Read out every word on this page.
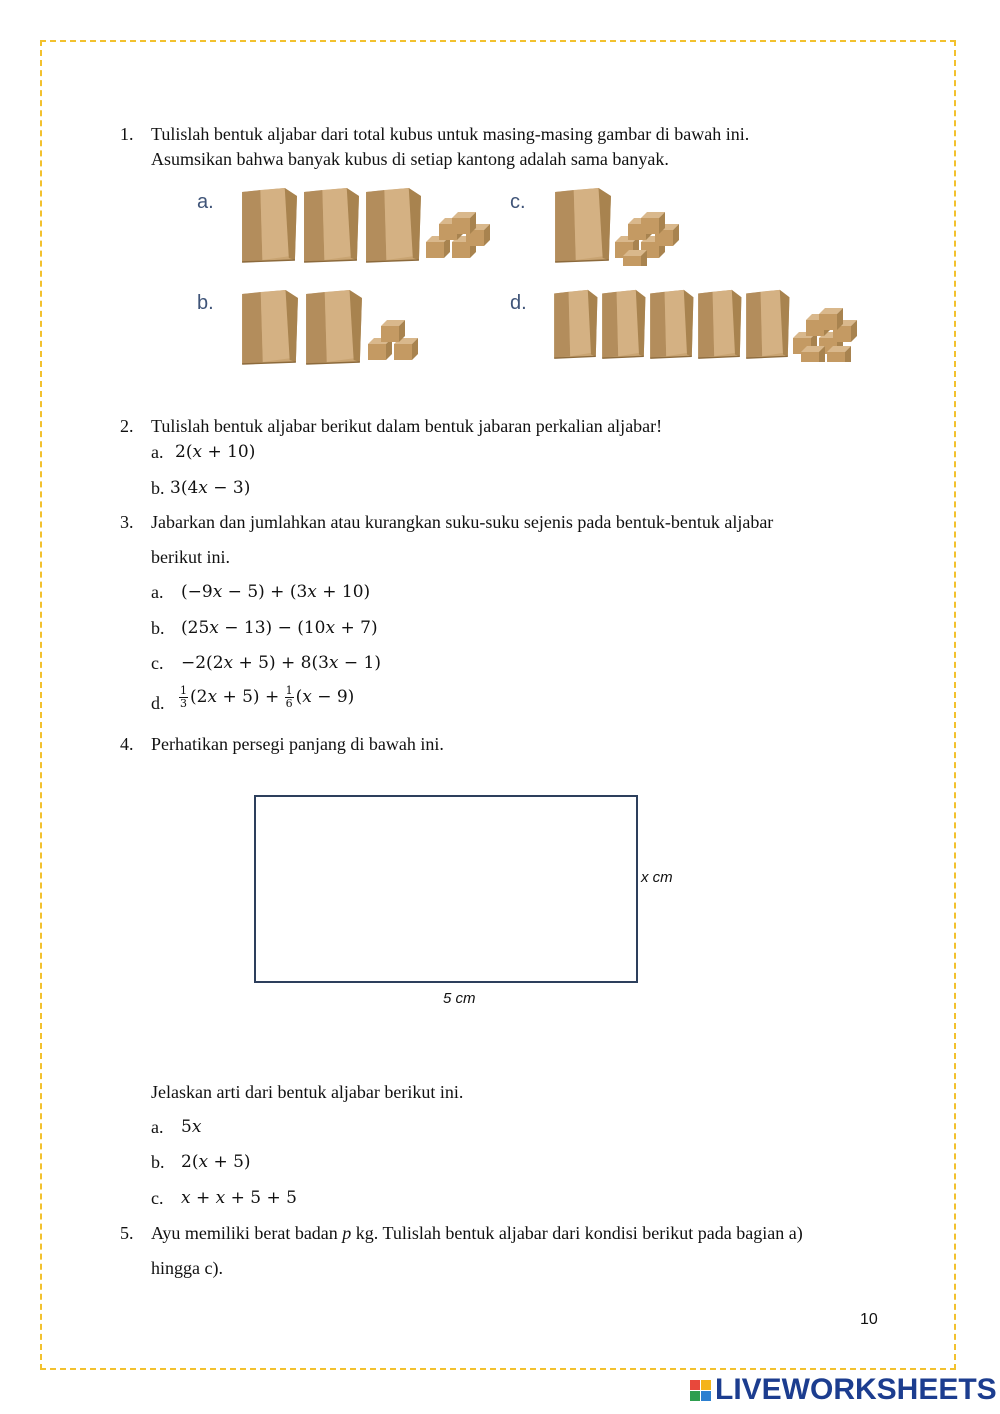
1. Tulislah bentuk aljabar dari total kubus untuk masing-masing gambar di bawah ini.
Asumsikan bahwa banyak kubus di setiap kantong adalah sama banyak.
a.
b.
c.
d.
2. Tulislah bentuk aljabar berikut dalam bentuk jabaran perkalian aljabar!
a. 2(𝑥 + 10)
b. 3(4𝑥 − 3)
3. Jabarkan dan jumlahkan atau kurangkan suku-suku sejenis pada bentuk-bentuk aljabar
berikut ini.
a. (−9𝑥 − 5) + (3𝑥 + 10)
b. (25𝑥 − 13) − (10𝑥 + 7)
c. −2(2𝑥 + 5) + 8(3𝑥 − 1)
d. $\frac{1}{3}$ (2𝑥 + $5) + \frac{1}{6}$ (𝑥 − 9)
4. Perhatikan persegi panjang di bawah ini.
x cm
5 cm
Jelaskan arti dari bentuk aljabar berikut ini.
a. 5𝑥
b. 2(𝑥 + 5)
c. 𝑥 + 𝑥 + 5 + 5
5. Ayu memiliki berat badan p kg. Tulislah bentuk aljabar dari kondisi berikut pada bagian a)
hingga c).
10
LIVEWORKSHEETS
